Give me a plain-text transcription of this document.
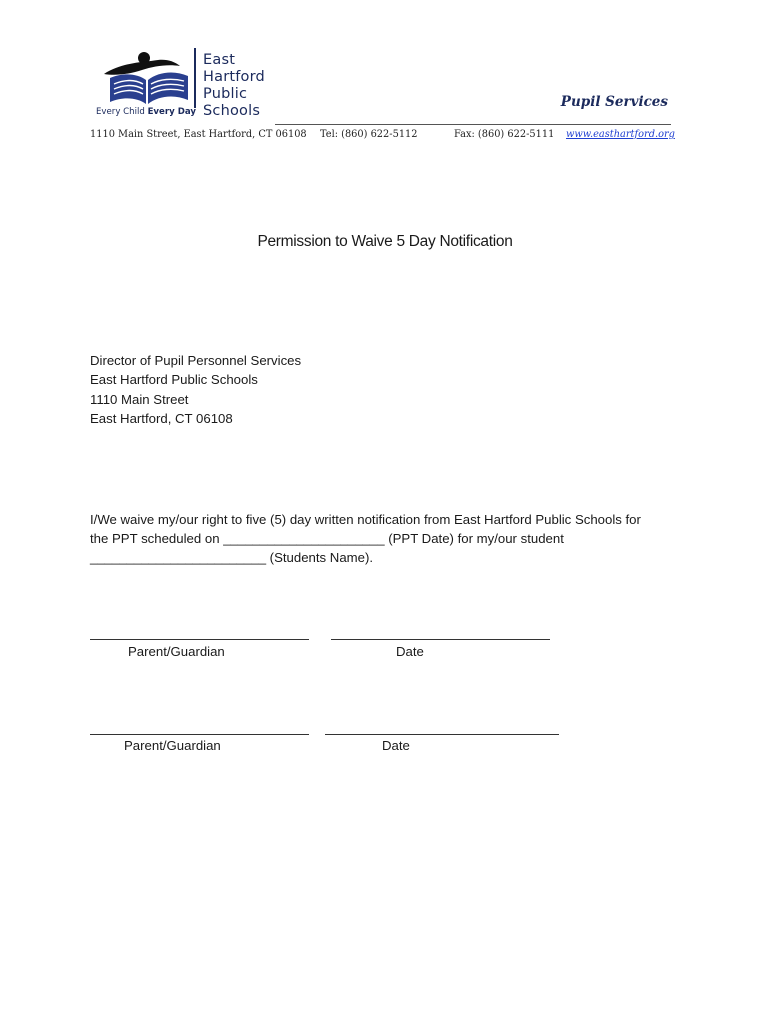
East
Hartford
Public
Schools
Every Child Every Day
Pupil Services
1110 Main Street, East Hartford, CT 06108 Tel: (860) 622-5112	Fax: (860) 622-5111 www.easthartford.org
Permission to Waive 5 Day Notification
Director of Pupil Personnel Services
East Hartford Public Schools
1110 Main Street
East Hartford, CT 06108
I/We waive my/our right to five (5) day written notification from East Hartford Public Schools for
the PPT scheduled on ______________________ (PPT Date) for my/our student
________________________ (Students Name).
Parent/Guardian	Date
Parent/Guardian	Date
